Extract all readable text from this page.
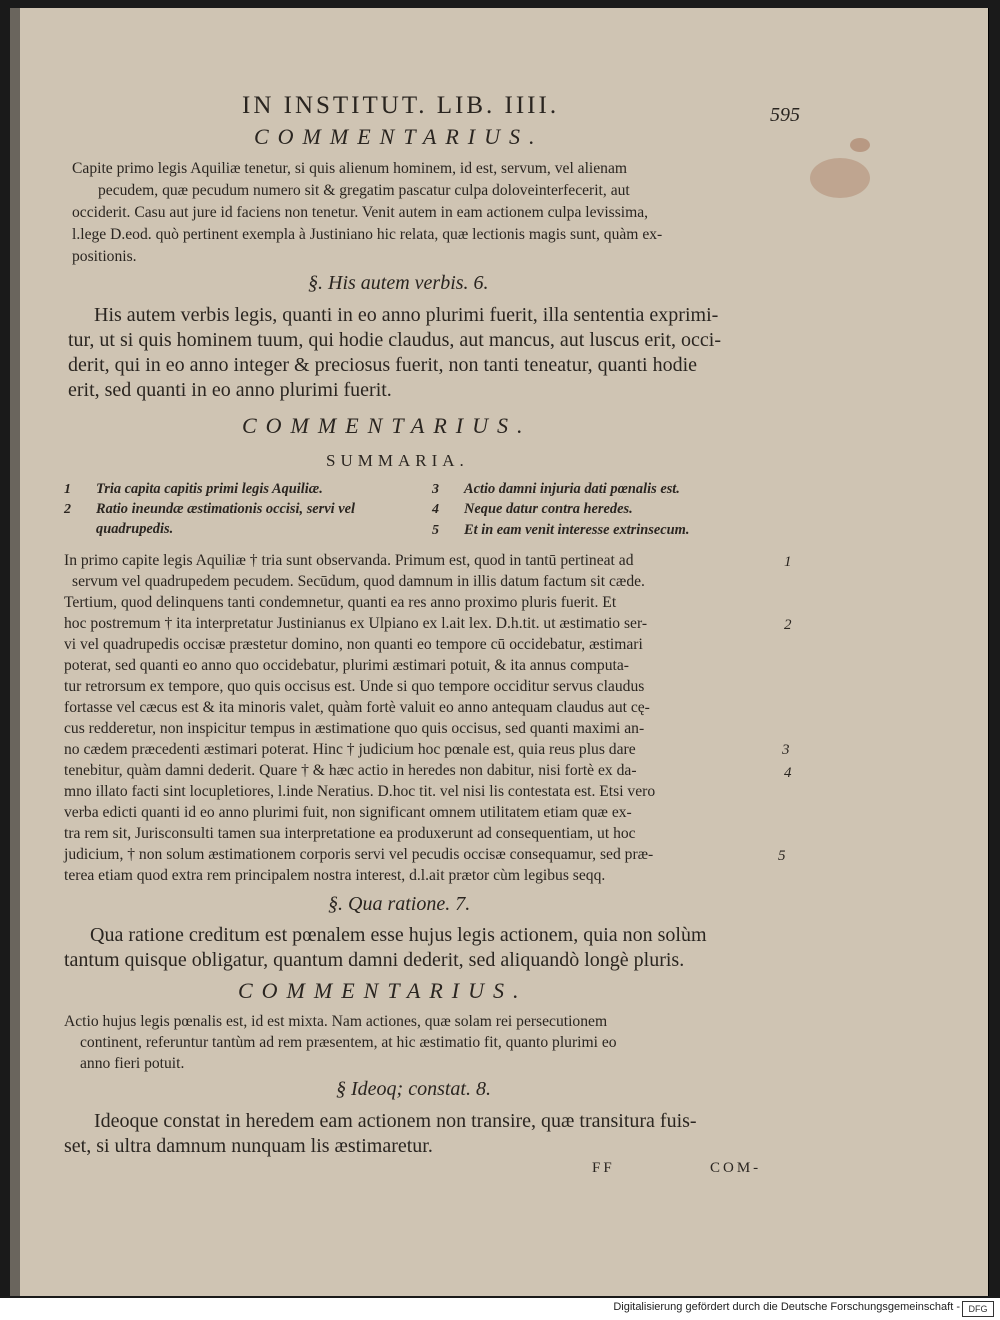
IN INSTITUT. LIB. IIII.	595
COMMENTARIUS.
Capite primo legis Aquiliæ tenetur, si quis alienum hominem, id est, servum, vel alienam
pecudem, quæ pecudum numero sit & gregatim pascatur culpa doloveinterfecerit, aut
occiderit. Casu aut jure id faciens non tenetur. Venit autem in eam actionem culpa levissima,
l.lege D.eod. quò pertinent exempla à Justiniano hic relata, quæ lectionis magis sunt, quàm ex-
positionis.
§. His autem verbis. 6.
His autem verbis legis, quanti in eo anno plurimi fuerit, illa sententia exprimi-
tur, ut si quis hominem tuum, qui hodie claudus, aut mancus, aut luscus erit, occi-
derit, qui in eo anno integer & preciosus fuerit, non tanti teneatur, quanti hodie
erit, sed quanti in eo anno plurimi fuerit.
COMMENTARIUS.
SUMMARIA.
1 Tria capita capitis primi legis Aquiliæ.
2 Ratio ineundæ æstimationis occisi, servi vel
quadrupedis.
3 Actio damni injuria dati pœnalis est.
4 Neque datur contra heredes.
5 Et in eam venit interesse extrinsecum.
In primo capite legis Aquiliæ † tria sunt observanda. Primum est, quod in tantū pertineat ad
servum vel quadrupedem pecudem. Secūdum, quod damnum in illis datum factum sit cæde.
Tertium, quod delinquens tanti condemnetur, quanti ea res anno proximo pluris fuerit. Et
hoc postremum † ita interpretatur Justinianus ex Ulpiano ex l.ait lex. D.h.tit. ut æstimatio ser-
vi vel quadrupedis occisæ præstetur domino, non quanti eo tempore cū occidebatur, æstimari
poterat, sed quanti eo anno quo occidebatur, plurimi æstimari potuit, & ita annus computa-
tur retrorsum ex tempore, quo quis occisus est. Unde si quo tempore occiditur servus claudus
fortasse vel cæcus est & ita minoris valet, quàm fortè valuit eo anno antequam claudus aut cę-
cus redderetur, non inspicitur tempus in æstimatione quo quis occisus, sed quanti maximi an-
no cædem præcedenti æstimari poterat. Hinc † judicium hoc pœnale est, quia reus plus dare
tenebitur, quàm damni dederit. Quare † & hæc actio in heredes non dabitur, nisi fortè ex da-
mno illato facti sint locupletiores, l.inde Neratius. D.hoc tit. vel nisi lis contestata est. Etsi vero
verba edicti quanti id eo anno plurimi fuit, non significant omnem utilitatem etiam quæ ex-
tra rem sit, Jurisconsulti tamen sua interpretatione ea produxerunt ad consequentiam, ut hoc
judicium, † non solum æstimationem corporis servi vel pecudis occisæ consequamur, sed præ-
terea etiam quod extra rem principalem nostra interest, d.l.ait prætor cùm legibus seqq.
1
2
3
4
5
§. Qua ratione. 7.
Qua ratione creditum est pœnalem esse hujus legis actionem, quia non solùm
tantum quisque obligatur, quantum damni dederit, sed aliquandò longè pluris.
COMMENTARIUS.
Actio hujus legis pœnalis est, id est mixta. Nam actiones, quæ solam rei persecutionem
continent, referuntur tantùm ad rem præsentem, at hic æstimatio fit, quanto plurimi eo
anno fieri potuit.
§ Ideoq; constat. 8.
Ideoque constat in heredem eam actionem non transire, quæ transitura fuis-
set, si ultra damnum nunquam lis æstimaretur.
FF	COM-
Digitalisierung gefördert durch die Deutsche Forschungsgemeinschaft - DFG
